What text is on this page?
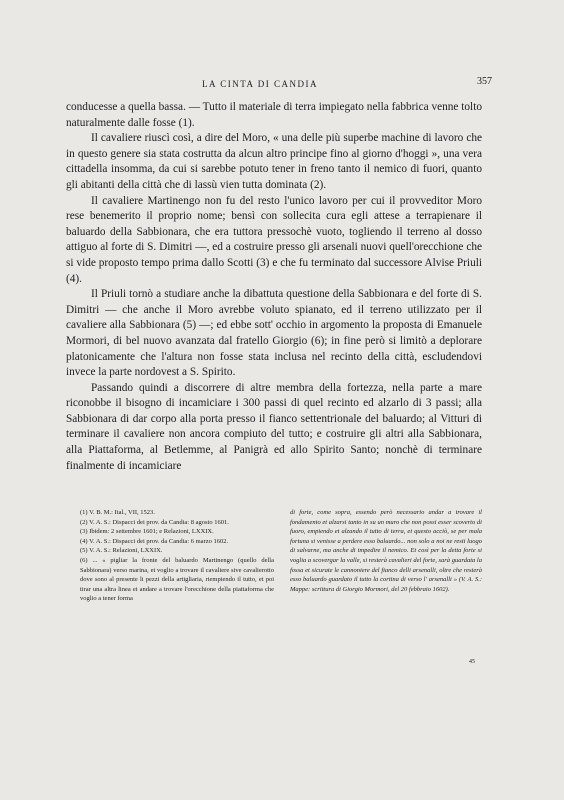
LA CINTA DI CANDIA	357

conducesse a quella bassa. — Tutto il materiale di terra impiegato nella fabbrica venne tolto naturalmente dalle fosse (1).

Il cavaliere riuscì così, a dire del Moro, « una delle più superbe machine di lavoro che in questo genere sia stata costrutta da alcun altro principe fino al giorno d'hoggi », una vera cittadella insomma, da cui si sarebbe potuto tener in freno tanto il nemico di fuori, quanto gli abitanti della città che di lassù vien tutta dominata (2).

Il cavaliere Martinengo non fu del resto l'unico lavoro per cui il provveditor Moro rese benemerito il proprio nome; bensì con sollecita cura egli attese a terrapienare il baluardo della Sabbionara, che era tuttora pressochè vuoto, togliendo il terreno al dosso attiguo al forte di S. Dimitri —, ed a costruire presso gli arsenali nuovi quell'orecchione che si vide proposto tempo prima dallo Scotti (3) e che fu terminato dal successore Alvise Priuli (4).

Il Priuli tornò a studiare anche la dibattuta questione della Sabbionara e del forte di S. Dimitri — che anche il Moro avrebbe voluto spianato, ed il terreno utilizzato per il cavaliere alla Sabbionara (5) —; ed ebbe sott' occhio in argomento la proposta di Emanuele Mormori, di bel nuovo avanzata dal fratello Giorgio (6); in fine però si limitò a deplorare platonicamente che l'altura non fosse stata inclusa nel recinto della città, escludendovi invece la parte nordovest a S. Spirito.

Passando quindi a discorrere di altre membra della fortezza, nella parte a mare riconobbe il bisogno di incamiciare i 300 passi di quel recinto ed alzarlo di 3 passi; alla Sabbionara di dar corpo alla porta presso il fianco settentrionale del baluardo; al Vitturi di terminare il cavaliere non ancora compiuto del tutto; e costruire gli altri alla Sabbionara, alla Piattaforma, al Betlemme, al Panigrà ed allo Spirito Santo; nonchè di terminare finalmente di incamiciare

(1) V. B. M.: Ital., VII, 1523.

(2) V. A. S.: Dispacci dei prov. da Candia: 8 agosto 1601.

(3) Ibidem: 2 settembre 1601; e Relazioni, LXXIX.

(4) V. A. S.: Dispacci dei prov. da Candia: 6 marzo 1602.

(5) V. A. S.: Relazioni, LXXIX.

(6) ... « pigliar la fronte del baluardo Martinengo (quello della Sabbionara) verso marina, et voglio a trovare il cavaliere sive cavalierotto dove sono al presente li pezzi della artigliaria, riempiendo il tutto, et poi tirar una altra linea et andare a trovare l'orecchione della piattaforma che voglio a tener forma

di forte, come sopra, essendo però necessario andar a trovare il fondamento et alzarsi tanto in su un muro che non possi esser scoverto di fuoro, empiendo et alzando il tutto di terra, et questo acciò, se per mala fortuna si venisse a perdere esso baluardo... non solo a noi ne resti luogo di salvarne, ma anche di impedire il nemico. Et così per la detta forte si voglia a scovergar la valle, si resterà cavalieri del forte, sarà guardata la fossa et sicurate le cannoniere del fianco delli arsenalli, oltre che resterà esso baluardo guardato il tutto la cortina di verso l' arsenalli » (V. A. S.: Mappe: scrittura di Giorgio Mormori, del 20 febbraio 1602).
45
